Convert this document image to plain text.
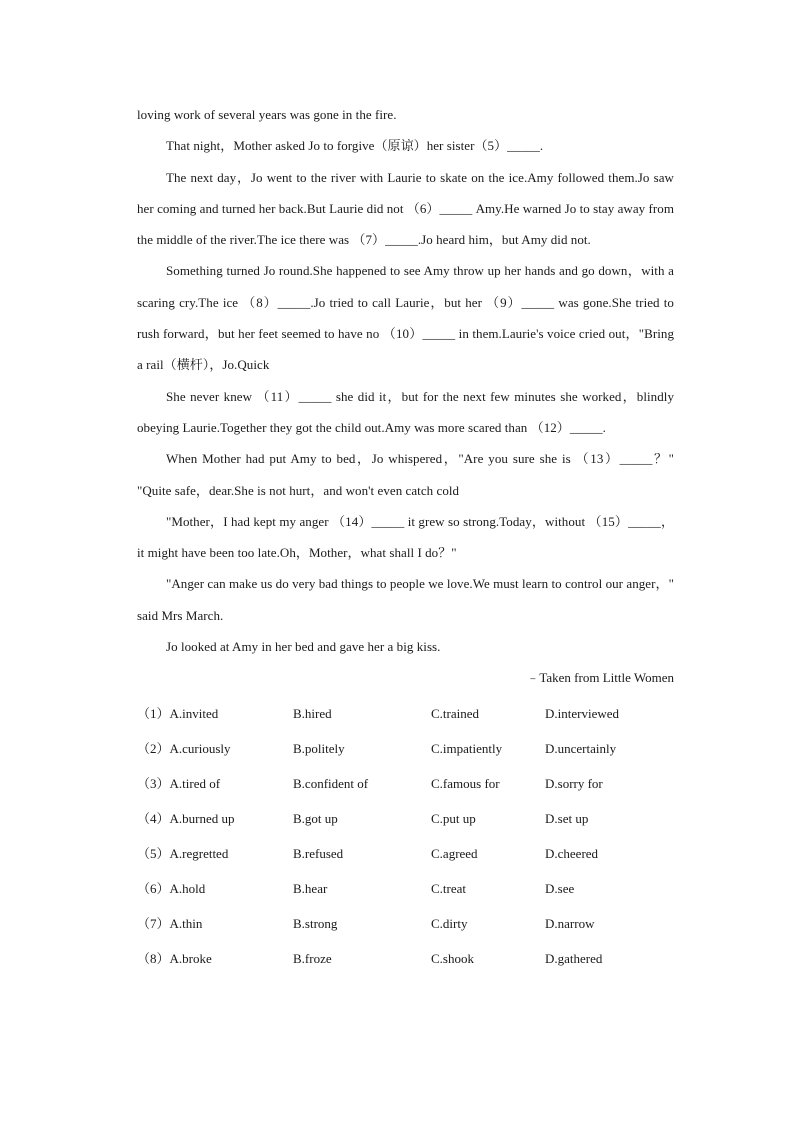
loving work of several years was gone in the fire.

That night，Mother asked Jo to forgive（原谅）her sister（5）_____.

The next day，Jo went to the river with Laurie to skate on the ice.Amy followed them.Jo saw her coming and turned her back.But Laurie did not （6）_____ Amy.He warned Jo to stay away from the middle of the river.The ice there was （7）_____.Jo heard him，but Amy did not.

Something turned Jo round.She happened to see Amy throw up her hands and go down，with a scaring cry.The ice （8）_____.Jo tried to call Laurie，but her （9）_____ was gone.She tried to rush forward，but her feet seemed to have no （10）_____ in them.Laurie's voice cried out，"Bring a rail（横杆），Jo.Quick

She never knew （11）_____ she did it，but for the next few minutes she worked，blindly obeying Laurie.Together they got the child out.Amy was more scared than （12）_____.

When Mother had put Amy to bed，Jo whispered，"Are you sure she is （13）_____？" "Quite safe，dear.She is not hurt，and won't even catch cold

"Mother，I had kept my anger （14）_____ it grew so strong.Today，without （15）_____，it might have been too late.Oh，Mother，what shall I do？"

"Anger can make us do very bad things to people we love.We must learn to control our anger，" said Mrs March.

Jo looked at Amy in her bed and gave her a big kiss.

﹣Taken from Little Women

（1）A.invited	B.hired	C.trained	D.interviewed
（2）A.curiously	B.politely	C.impatiently	D.uncertainly
（3）A.tired of	B.confident of	C.famous for	D.sorry for
（4）A.burned up	B.got up	C.put up	D.set up
（5）A.regretted	B.refused	C.agreed	D.cheered
（6）A.hold	B.hear	C.treat	D.see
（7）A.thin	B.strong	C.dirty	D.narrow
（8）A.broke	B.froze	C.shook	D.gathered
